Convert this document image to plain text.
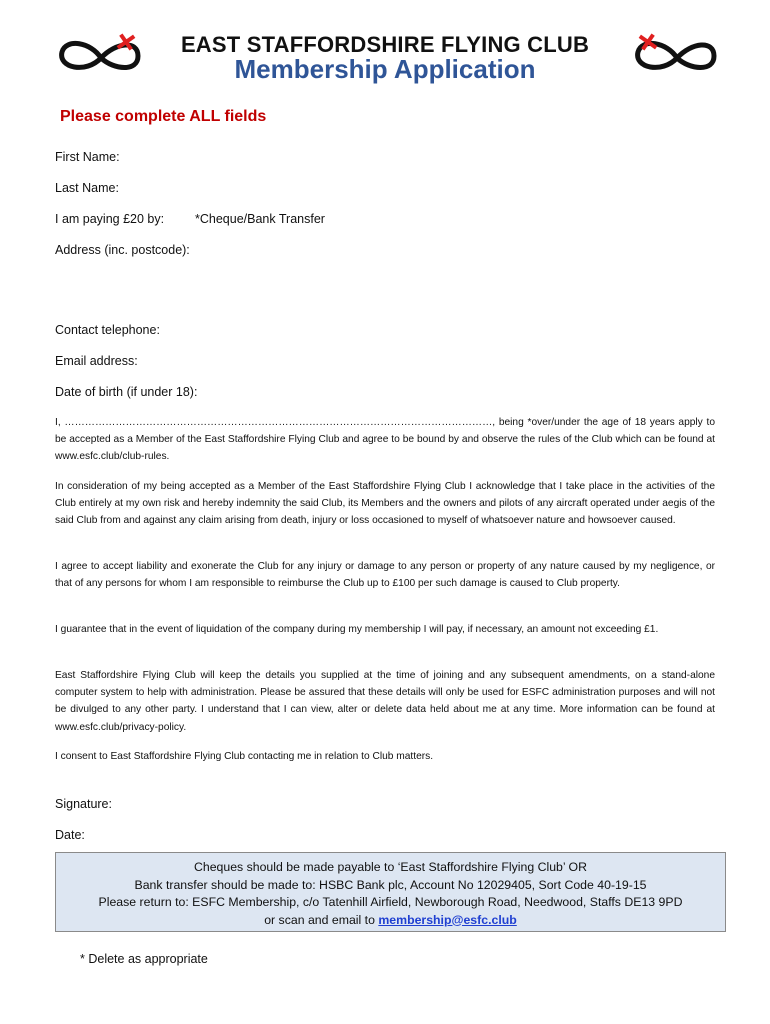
EAST STAFFORDSHIRE FLYING CLUB
Membership Application
Please complete ALL fields
First Name:
Last Name:
I am paying £20 by: *Cheque/Bank Transfer
Address (inc. postcode):
Contact telephone:
Email address:
Date of birth (if under 18):
I, ………………………………………………………………………………………………………………, being *over/under the age of 18 years apply to be accepted as a Member of the East Staffordshire Flying Club and agree to be bound by and observe the rules of the Club which can be found at www.esfc.club/club-rules.
In consideration of my being accepted as a Member of the East Staffordshire Flying Club I acknowledge that I take place in the activities of the Club entirely at my own risk and hereby indemnity the said Club, its Members and the owners and pilots of any aircraft operated under aegis of the said Club from and against any claim arising from death, injury or loss occasioned to myself of whatsoever nature and howsoever caused.
I agree to accept liability and exonerate the Club for any injury or damage to any person or property of any nature caused by my negligence, or that of any persons for whom I am responsible to reimburse the Club up to £100 per such damage is caused to Club property.
I guarantee that in the event of liquidation of the company during my membership I will pay, if necessary, an amount not exceeding £1.
East Staffordshire Flying Club will keep the details you supplied at the time of joining and any subsequent amendments, on a stand-alone computer system to help with administration. Please be assured that these details will only be used for ESFC administration purposes and will not be divulged to any other party. I understand that I can view, alter or delete data held about me at any time. More information can be found at www.esfc.club/privacy-policy.
I consent to East Staffordshire Flying Club contacting me in relation to Club matters.
Signature:
Date:
Cheques should be made payable to ‘East Staffordshire Flying Club’ OR
Bank transfer should be made to: HSBC Bank plc, Account No 12029405, Sort Code 40-19-15
Please return to: ESFC Membership, c/o Tatenhill Airfield, Newborough Road, Needwood, Staffs DE13 9PD
or scan and email to membership@esfc.club
* Delete as appropriate
